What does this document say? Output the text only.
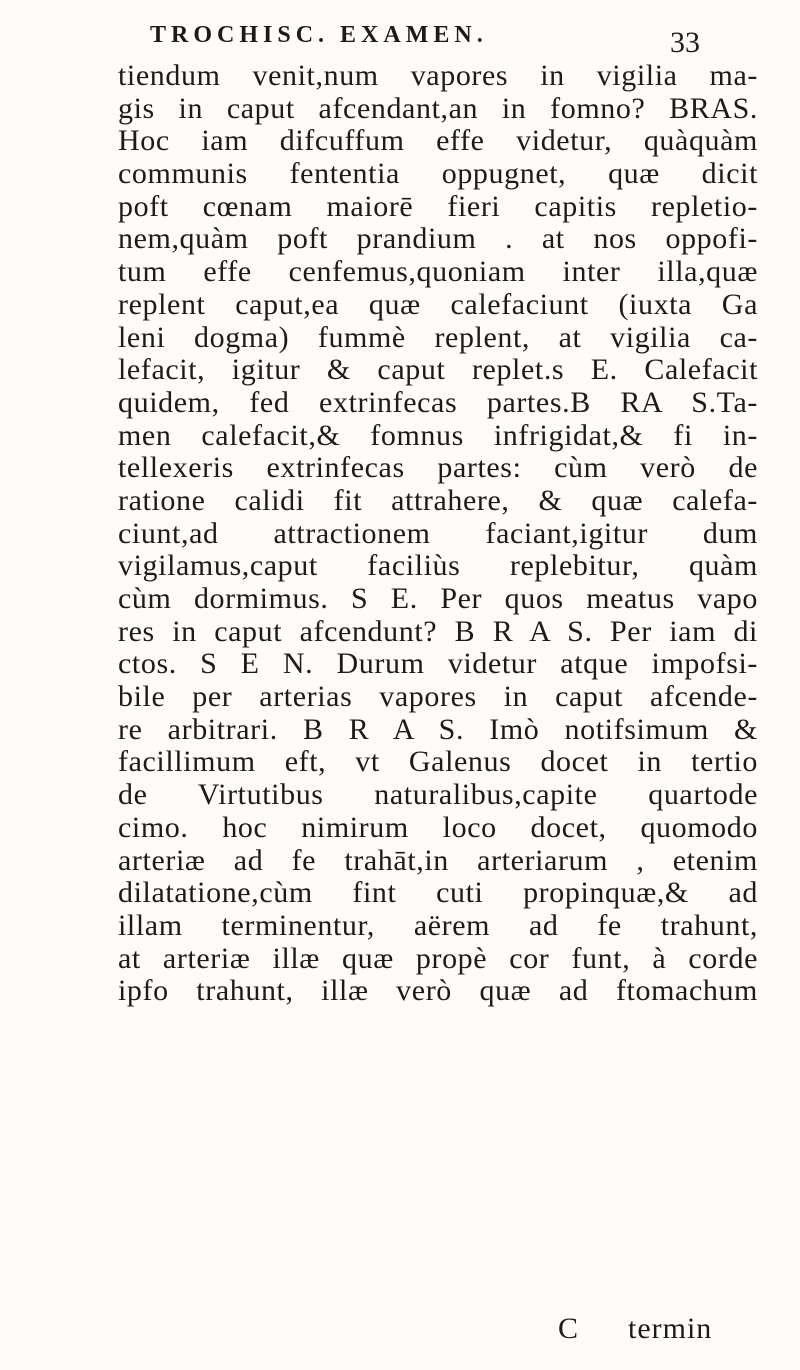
TROCHISC. EXAMEN.	33
tiendum venit,num vapores in vigilia ma-
gis in caput afcendant,an in fomno? BRAS.
Hoc iam difcuffum effe videtur, quàquàm
communis fententia oppugnet, quæ dicit
poft cœnam maiorē fieri capitis repletio-
nem,quàm poft prandium . at nos oppofi-
tum effe cenfemus,quoniam inter illa,quæ
replent caput,ea quæ calefaciunt (iuxta Ga
leni dogma) fummè replent, at vigilia ca-
lefacit, igitur & caput replet.s E. Calefacit
quidem, fed extrinfecas partes.B RA S.Ta-
men calefacit,& fomnus infrigidat,& fi in-
tellexeris extrinfecas partes: cùm verò de
ratione calidi fit attrahere, & quæ calefa-
ciunt,ad attractionem faciant,igitur dum
vigilamus,caput faciliùs replebitur, quàm
cùm dormimus. S E. Per quos meatus vapo
res in caput afcendunt? B R A S. Per iam di
ctos. S E N. Durum videtur atque impofsi-
bile per arterias vapores in caput afcende-
re arbitrari. B R A S. Imò notifsimum &
facillimum eft, vt Galenus docet in tertio
de Virtutibus naturalibus,capite quartode
cimo. hoc nimirum loco docet, quomodo
arteriæ ad fe trahāt,in arteriarum , etenim
dilatatione,cùm fint cuti propinquæ,& ad
illam terminentur, aërem ad fe trahunt,
at arteriæ illæ quæ propè cor funt, à corde
ipfo trahunt, illæ verò quæ ad ftomachum
C termin
